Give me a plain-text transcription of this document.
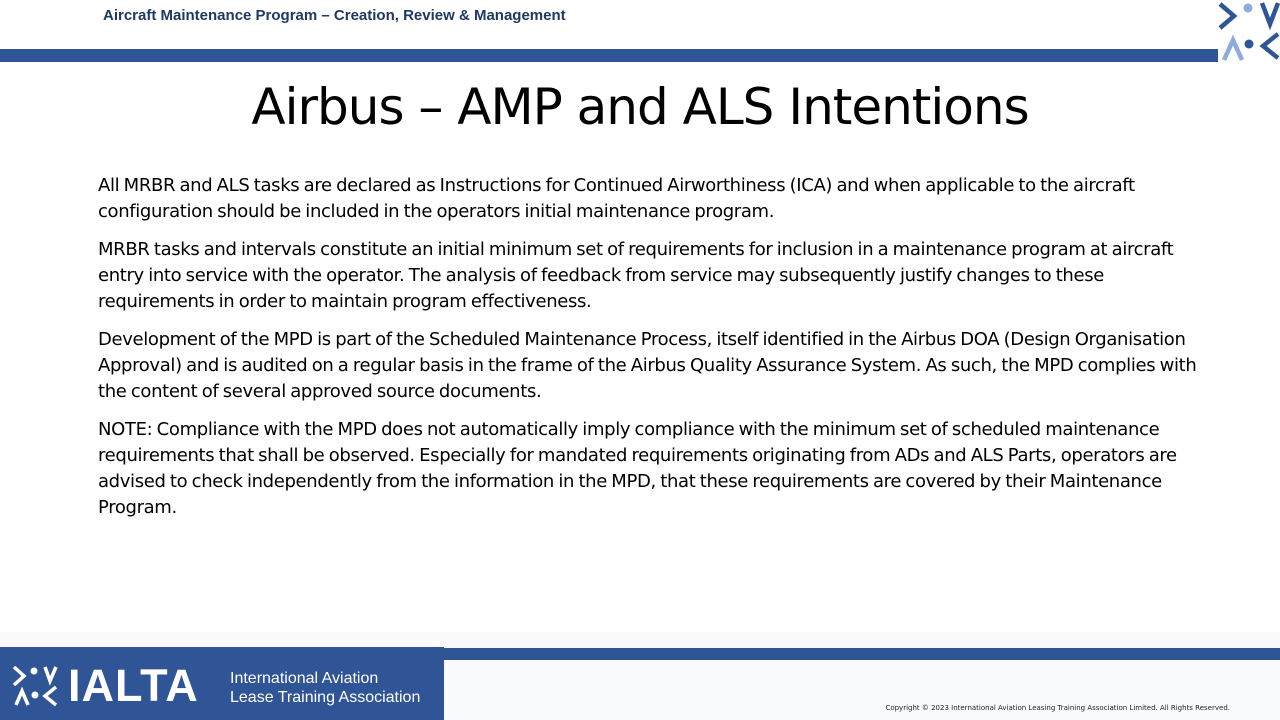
Aircraft Maintenance Program – Creation, Review & Management
Airbus – AMP and ALS Intentions

All MRBR and ALS tasks are declared as Instructions for Continued Airworthiness (ICA) and when applicable to the aircraft configuration should be included in the operators initial maintenance program.

MRBR tasks and intervals constitute an initial minimum set of requirements for inclusion in a maintenance program at aircraft entry into service with the operator. The analysis of feedback from service may subsequently justify changes to these requirements in order to maintain program effectiveness.

Development of the MPD is part of the Scheduled Maintenance Process, itself identified in the Airbus DOA (Design Organisation Approval) and is audited on a regular basis in the frame of the Airbus Quality Assurance System. As such, the MPD complies with the content of several approved source documents.

NOTE: Compliance with the MPD does not automatically imply compliance with the minimum set of scheduled maintenance requirements that shall be observed. Especially for mandated requirements originating from ADs and ALS Parts, operators are advised to check independently from the information in the MPD, that these requirements are covered by their Maintenance Program.

IALTA International Aviation
Lease Training Association
Copyright © 2023 International Aviation Leasing Training Association Limited. All Rights Reserved.
